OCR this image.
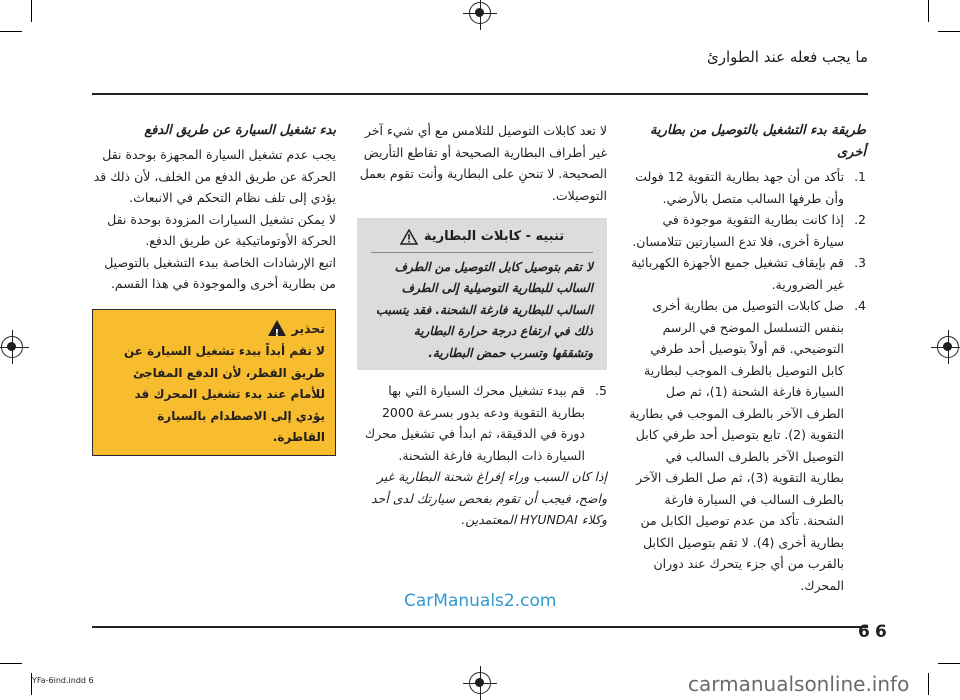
ما يجب فعله عند الطوارئ
طريقة بدء التشغيل بالتوصيل من بطارية أخرى
1.
تأكد من أن جهد بطارية التقوية 12 فولت وأن طرفها السالب متصل بالأرضي.
2.
إذا كانت بطارية التقوية موجودة في سيارة أخرى، فلا تدع السيارتين تتلامسان.
3.
قم بإيقاف تشغيل جميع الأجهزة الكهربائية غير الضرورية.
4.
صل كابلات التوصيل من بطارية أخرى بنفس التسلسل الموضح في الرسم التوضيحي. قم أولاً بتوصيل أحد طرفي كابل التوصيل بالطرف الموجب لبطارية السيارة فارغة الشحنة (1)، ثم صل الطرف الآخر بالطرف الموجب في بطارية التقوية (2). تابع بتوصيل أحد طرفي كابل التوصيل الآخر بالطرف السالب في بطارية التقوية (3)، ثم صل الطرف الآخر بالطرف السالب في السيارة فارغة الشحنة. تأكد من عدم توصيل الكابل من بطارية أخرى (4). لا تقم بتوصيل الكابل بالقرب من أي جزء يتحرك عند دوران المحرك.

لا تعد كابلات التوصيل للتلامس مع أي شيء آخر غير أطراف البطارية الصحيحة أو تقاطع التأريض الصحيحة. لا تنحنِ على البطارية وأنت تقوم بعمل التوصيلات.

تنبيه - كابلات البطارية

لا تقم بتوصيل كابل التوصيل من الطرف السالب للبطارية التوصيلية إلى الطرف السالب للبطارية فارغة الشحنة. فقد يتسبب ذلك في ارتفاع درجة حرارة البطارية وتشققها وتسرب حمض البطارية.

5.
قم ببدء تشغيل محرك السيارة التي بها بطارية التقوية ودعه يدور بسرعة 2000 دورة في الدقيقة، ثم ابدأ في تشغيل محرك السيارة ذات البطارية فارغة الشحنة.

إذا كان السبب وراء إفراغ شحنة البطارية غير واضح، فيجب أن تقوم بفحص سيارتك لدى أحد وكلاء HYUNDAI المعتمدين.

بدء تشغيل السيارة عن طريق الدفع

يجب عدم تشغيل السيارة المجهزة بوحدة نقل الحركة عن طريق الدفع من الخلف، لأن ذلك قد يؤدي إلى تلف نظام التحكم في الانبعاث.

لا يمكن تشغيل السيارات المزودة بوحدة نقل الحركة الأوتوماتيكية عن طريق الدفع.

اتبع الإرشادات الخاصة ببدء التشغيل بالتوصيل من بطارية أخرى والموجودة في هذا القسم.

! تحذير

لا تقم أبداً ببدء تشغيل السيارة عن طريق القطر، لأن الدفع المفاجئ للأمام عند بدء تشغيل المحرك قد يؤدي إلى الاصطدام بالسيارة القاطرة.

CarManuals2.com
6 6
YFa-6ind.indd 6	carmanualsonline.info
